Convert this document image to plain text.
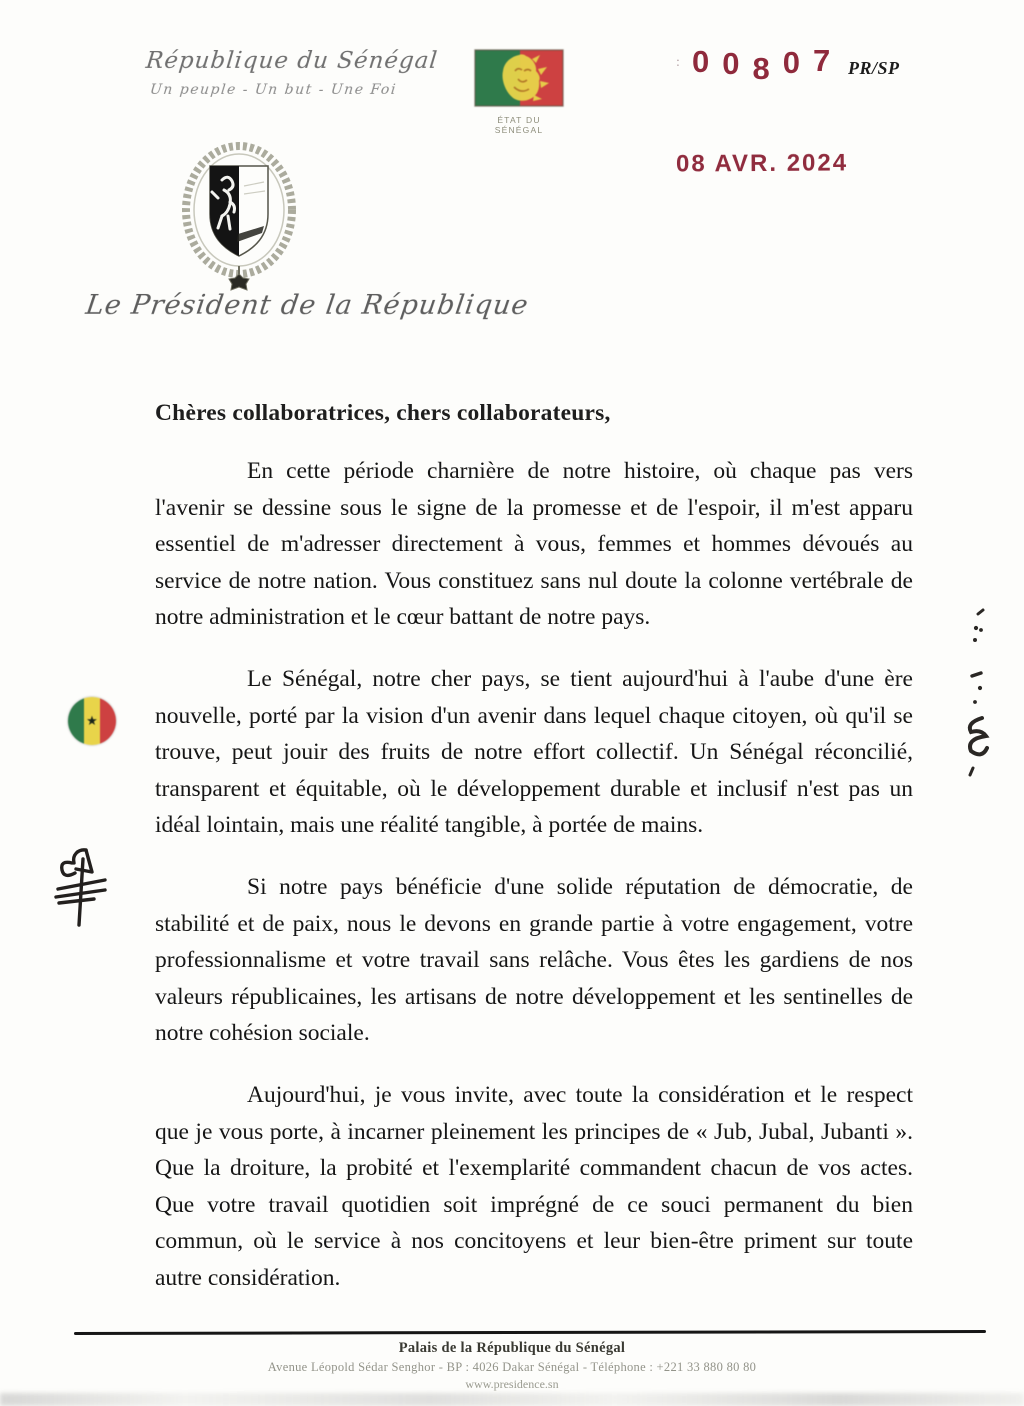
République du Sénégal
Un peuple - Un but - Une Foi
ÉTAT DU SÉNÉGAL
: 00807 PR/SP
08 AVR. 2024
Le Président de la République
Chères collaboratrices, chers collaborateurs,

En cette période charnière de notre histoire, où chaque pas vers l'avenir se dessine sous le signe de la promesse et de l'espoir, il m'est apparu essentiel de m'adresser directement à vous, femmes et hommes dévoués au service de notre nation. Vous constituez sans nul doute la colonne vertébrale de notre administration et le cœur battant de notre pays.

Le Sénégal, notre cher pays, se tient aujourd'hui à l'aube d'une ère nouvelle, porté par la vision d'un avenir dans lequel chaque citoyen, où qu'il se trouve, peut jouir des fruits de notre effort collectif. Un Sénégal réconcilié, transparent et équitable, où le développement durable et inclusif n'est pas un idéal lointain, mais une réalité tangible, à portée de mains.

Si notre pays bénéficie d'une solide réputation de démocratie, de stabilité et de paix, nous le devons en grande partie à votre engagement, votre professionnalisme et votre travail sans relâche. Vous êtes les gardiens de nos valeurs républicaines, les artisans de notre développement et les sentinelles de notre cohésion sociale.

Aujourd'hui, je vous invite, avec toute la considération et le respect que je vous porte, à incarner pleinement les principes de « Jub, Jubal, Jubanti ». Que la droiture, la probité et l'exemplarité commandent chacun de vos actes. Que votre travail quotidien soit imprégné de ce souci permanent du bien commun, où le service à nos concitoyens et leur bien-être priment sur toute autre considération.

★
Palais de la République du Sénégal
Avenue Léopold Sédar Senghor - BP : 4026 Dakar Sénégal - Téléphone : +221 33 880 80 80
www.presidence.sn
